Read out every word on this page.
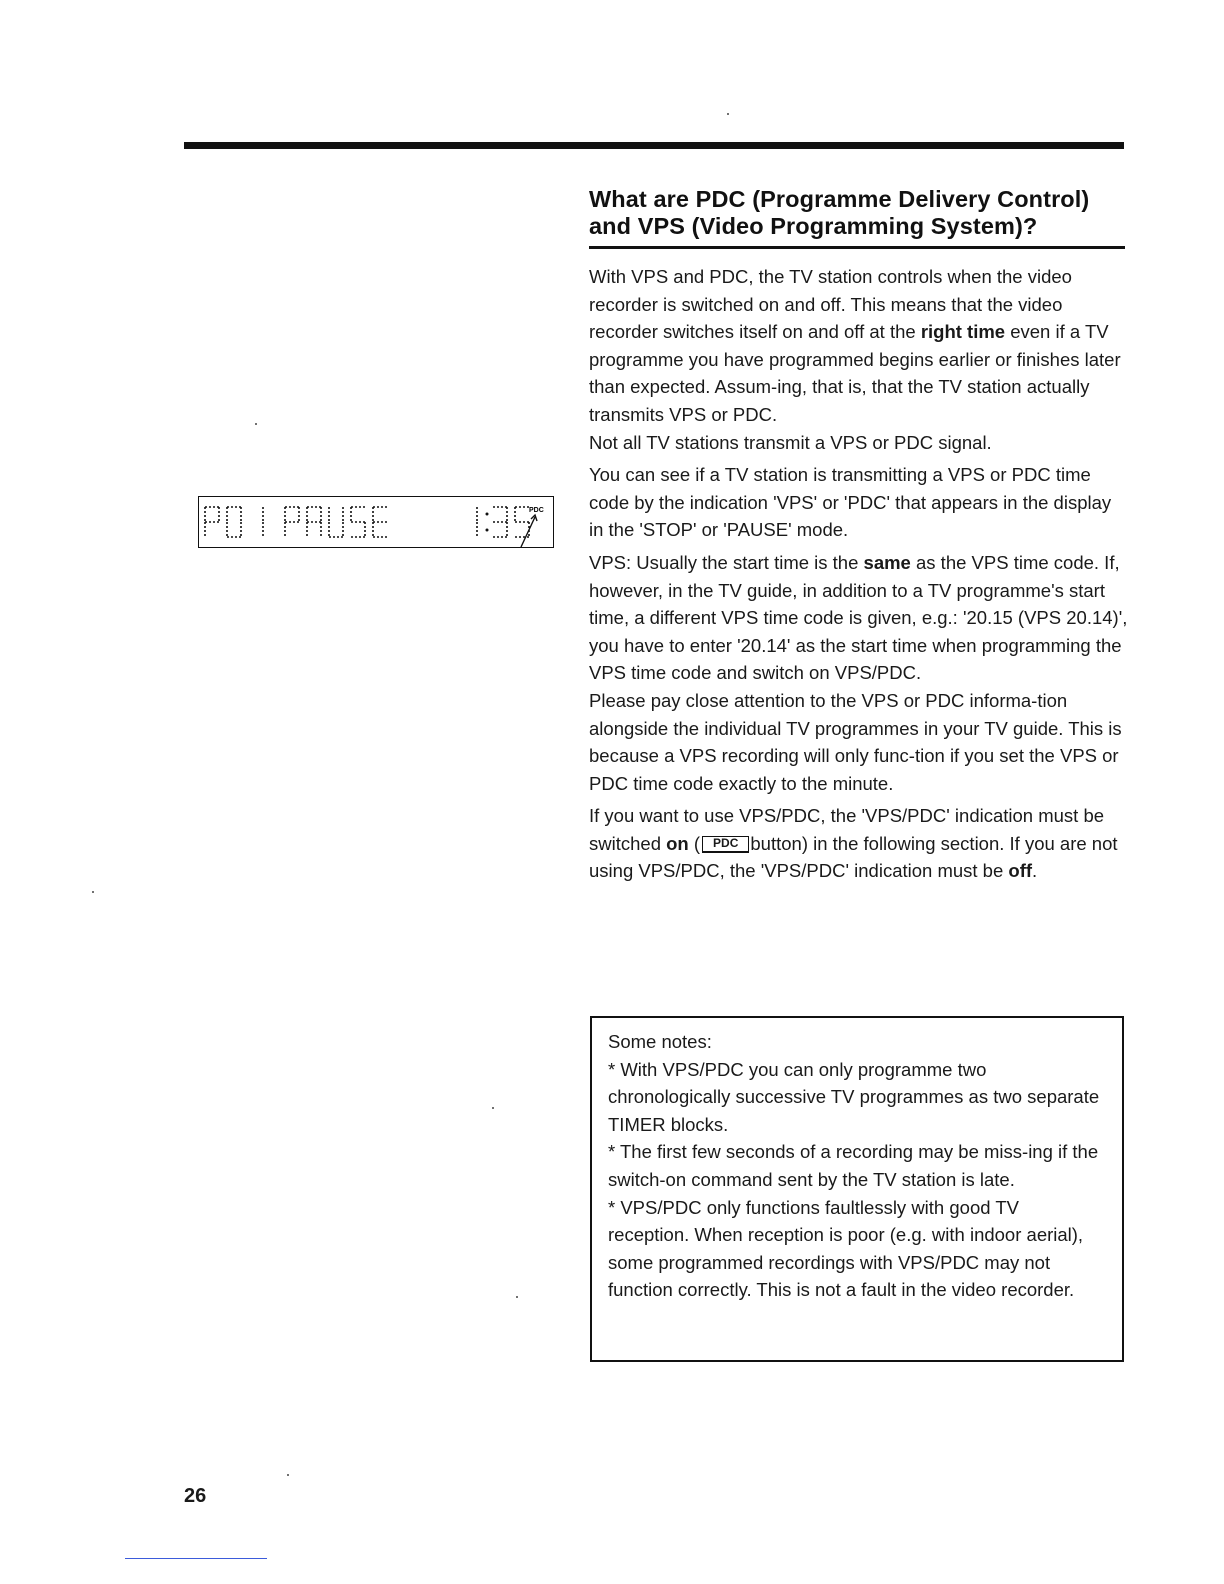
What are PDC (Programme Delivery Control)
and VPS (Video Programming System)?
PDC

With VPS and PDC, the TV station controls when the video recorder is switched on and off. This means that the video recorder switches itself on and off at the right time even if a TV programme you have programmed begins earlier or finishes later than expected. Assum-ing, that is, that the TV station actually transmits VPS or PDC.

Not all TV stations transmit a VPS or PDC signal.

You can see if a TV station is transmitting a VPS or PDC time code by the indication 'VPS' or 'PDC' that appears in the display in the 'STOP' or 'PAUSE' mode.

VPS: Usually the start time is the same as the VPS time code. If, however, in the TV guide, in addition to a TV programme's start time, a different VPS time code is given, e.g.: '20.15 (VPS 20.14)', you have to enter '20.14' as the start time when programming the VPS time code and switch on VPS/PDC.

Please pay close attention to the VPS or PDC informa-tion alongside the individual TV programmes in your TV guide. This is because a VPS recording will only func-tion if you set the VPS or PDC time code exactly to the minute.

If you want to use VPS/PDC, the 'VPS/PDC' indication must be switched on ( PDC button) in the following section. If you are not using VPS/PDC, the 'VPS/PDC' indication must be off.

Some notes:
* With VPS/PDC you can only programme two chronologically successive TV programmes as two separate TIMER blocks.
* The first few seconds of a recording may be miss-ing if the switch-on command sent by the TV station is late.
* VPS/PDC only functions faultlessly with good TV reception. When reception is poor (e.g. with indoor aerial), some programmed recordings with VPS/PDC may not function correctly. This is not a fault in the video recorder.
26
